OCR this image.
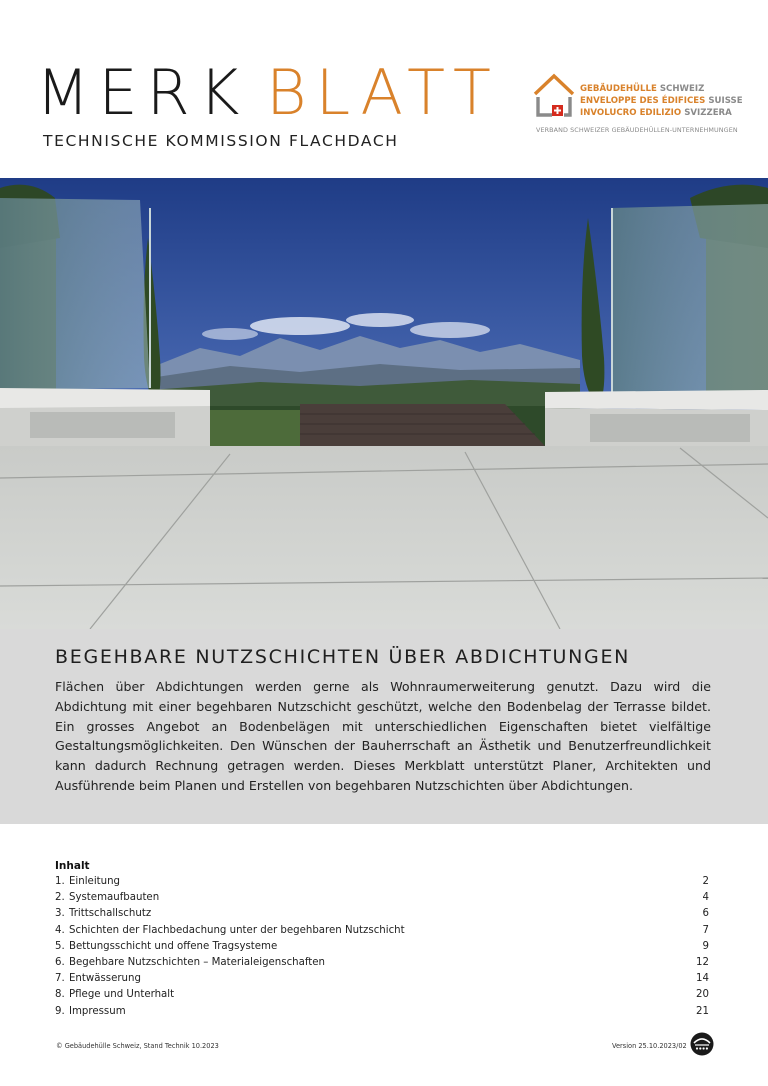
MERK BLATT
TECHNISCHE KOMMISSION FLACHDACH
GEBÄUDEHÜLLE SCHWEIZ
ENVELOPPE DES ÉDIFICES SUISSE
INVOLUCRO EDILIZIO SVIZZERA
VERBAND SCHWEIZER GEBÄUDEHÜLLEN-UNTERNEHMUNGEN
BEGEHBARE NUTZSCHICHTEN ÜBER ABDICHTUNGEN
Flächen über Abdichtungen werden gerne als Wohnraumerweiterung genutzt. Dazu wird die Abdichtung mit einer begehbaren Nutzschicht geschützt, welche den Bodenbelag der Terrasse bildet. Ein grosses Angebot an Bodenbelägen mit unterschiedlichen Eigenschaften bietet vielfältige Gestaltungsmöglichkeiten. Den Wünschen der Bauherrschaft an Ästhetik und Benutzerfreundlichkeit kann dadurch Rechnung getragen werden. Dieses Merkblatt unterstützt Planer, Architekten und Ausführende beim Planen und Erstellen von begehbaren Nutzschichten über Abdichtungen.
Inhalt
1. Einleitung	2
2. Systemaufbauten	4
3. Trittschallschutz	6
4. Schichten der Flachbedachung unter der begehbaren Nutzschicht	7
5. Bettungsschicht und offene Tragsysteme	9
6. Begehbare Nutzschichten – Materialeigenschaften	12
7. Entwässerung	14
8. Pflege und Unterhalt	20
9. Impressum	21
© Gebäudehülle Schweiz, Stand Technik 10.2023	Version 25.10.2023/02
